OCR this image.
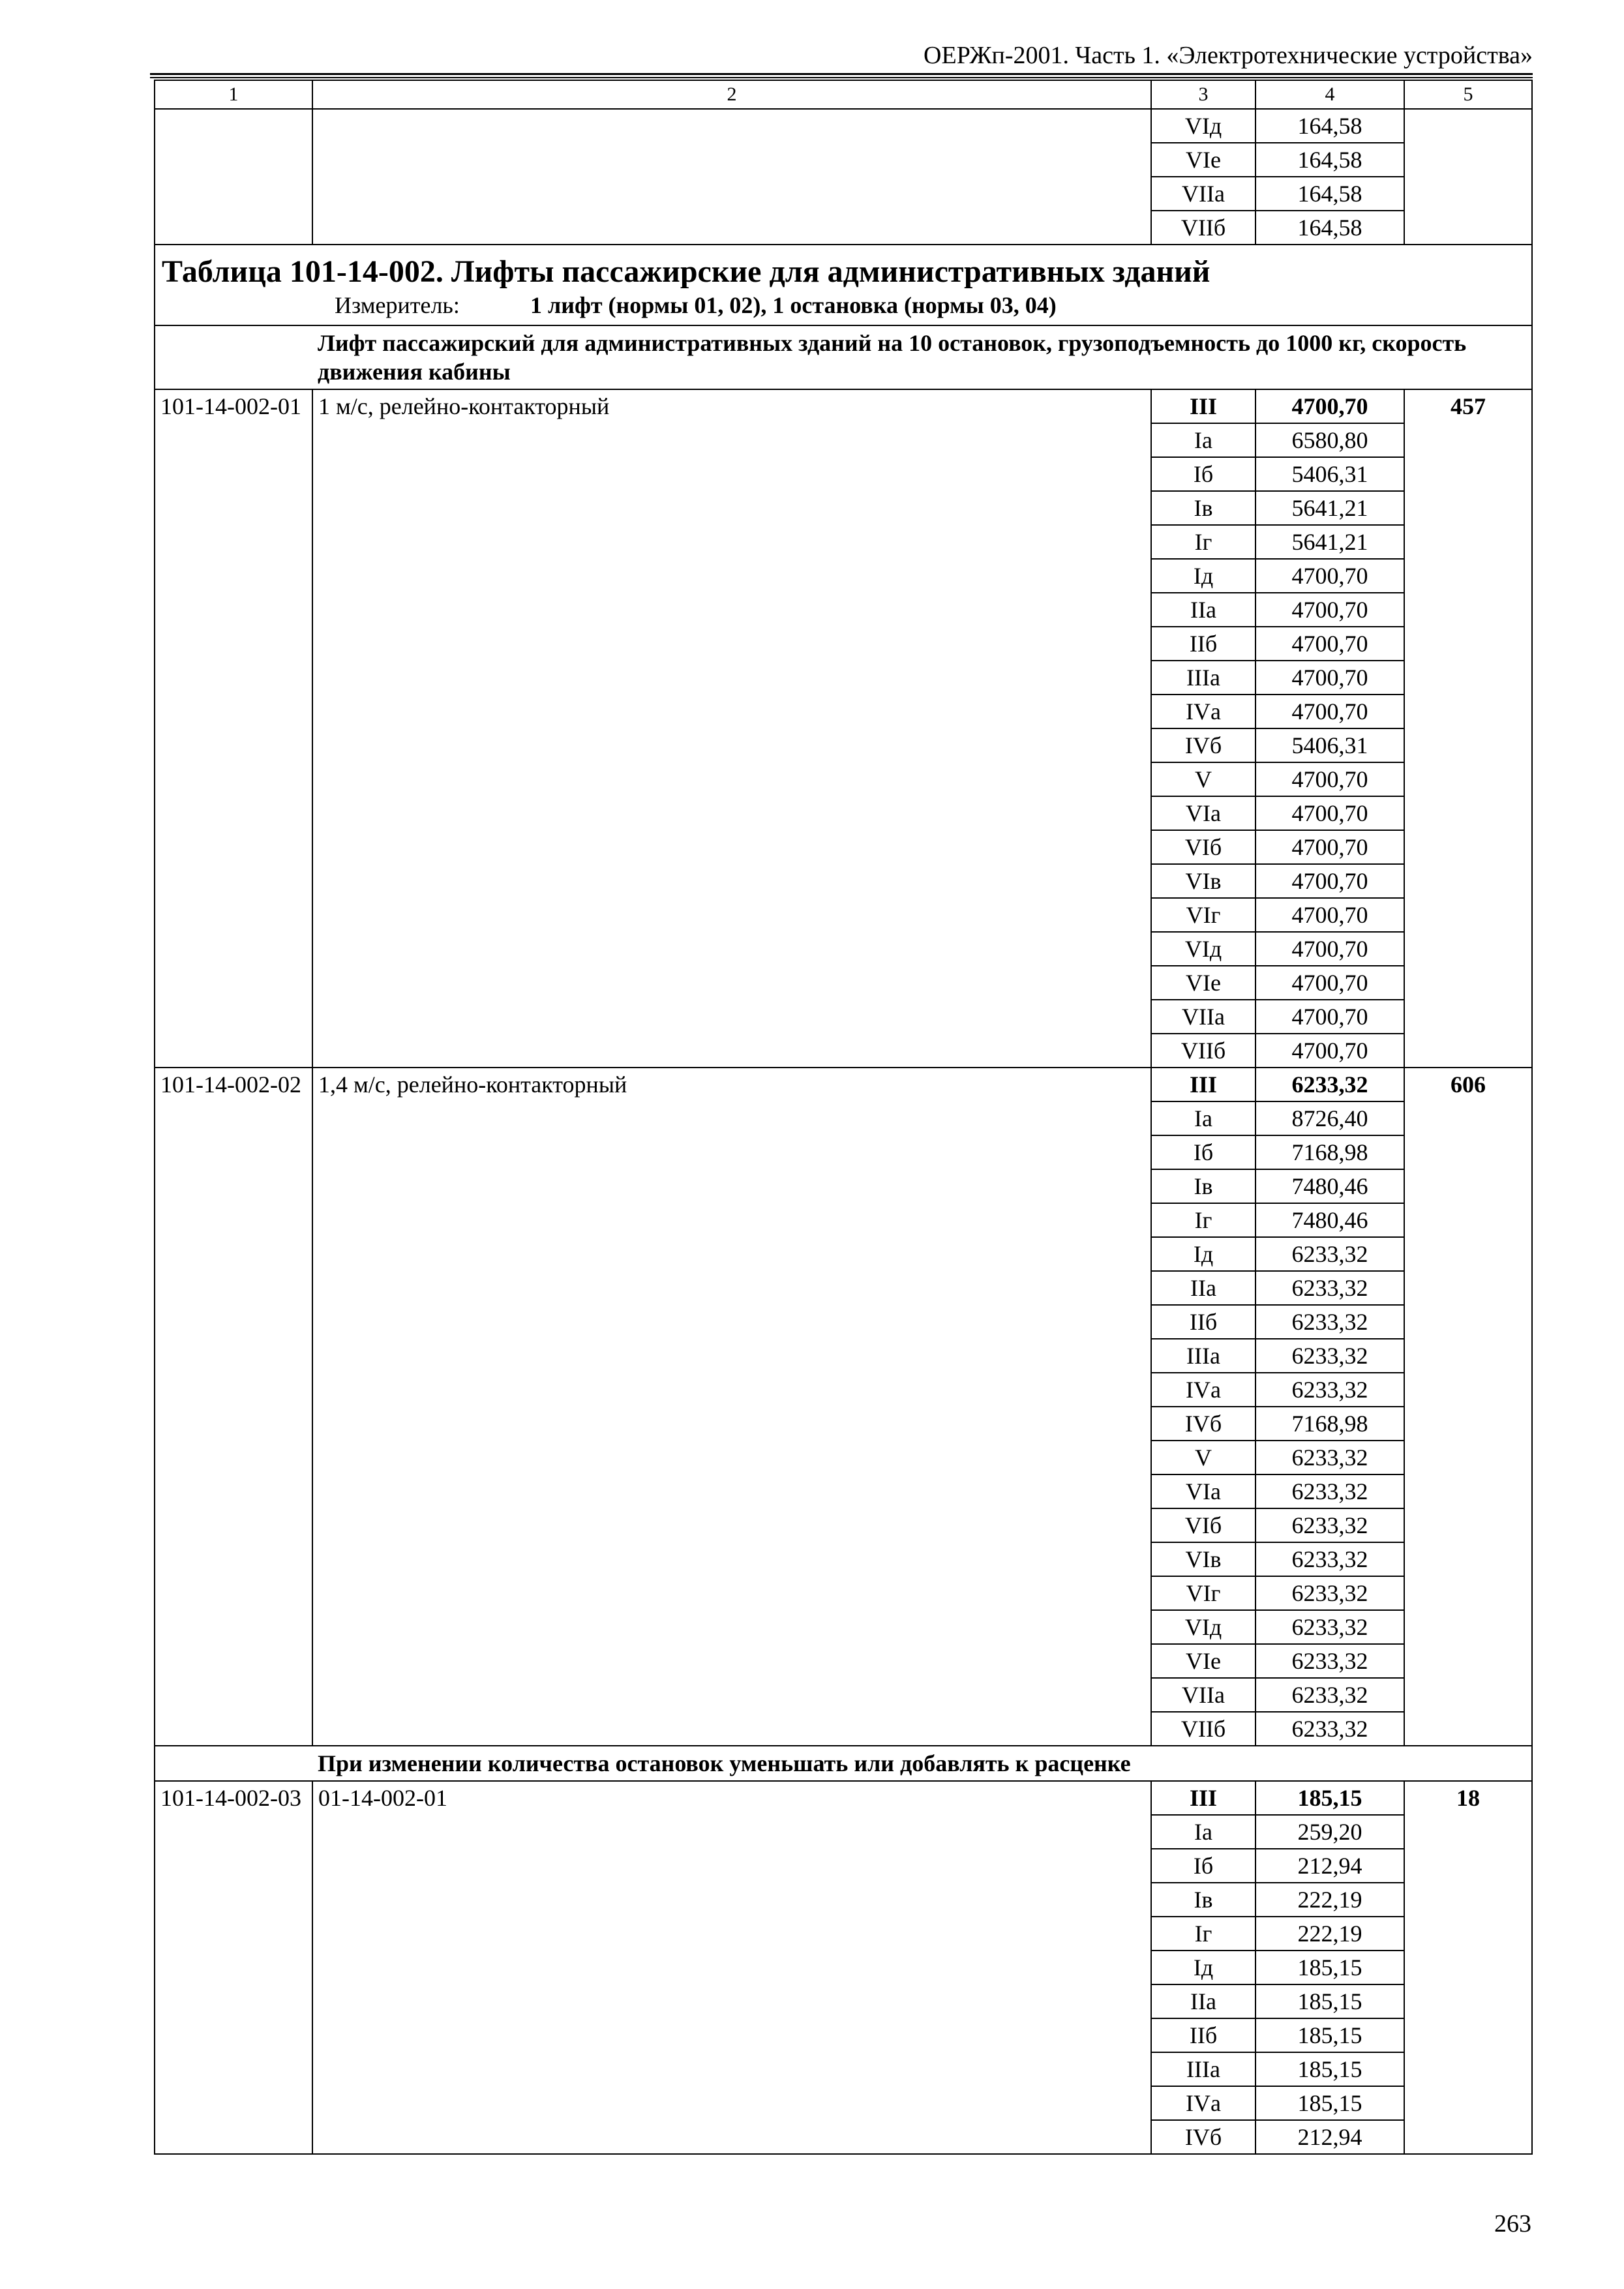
ОЕРЖп-2001. Часть 1. «Электротехнические устройства»
1	2	3	4	5
		VIд	164,58	
		VIе	164,58	
		VIIа	164,58	
		VIIб	164,58	

Таблица 101-14-002. Лифты пассажирские для административных зданий
Измеритель: 1 лифт (нормы 01, 02), 1 остановка (нормы 03, 04)				

	Лифт пассажирский для административных зданий на 10 остановок, грузоподъемность до 1000 кг, скорость движения кабины			
101-14-002-01	1 м/с, релейно-контакторный	III	4700,70	457
		Iа	6580,80	
		Iб	5406,31	
		Iв	5641,21	
		Iг	5641,21	
		Iд	4700,70	
		IIа	4700,70	
		IIб	4700,70	
		IIIа	4700,70	
		IVа	4700,70	
		IVб	5406,31	
		V	4700,70	
		VIа	4700,70	
		VIб	4700,70	
		VIв	4700,70	
		VIг	4700,70	
		VIд	4700,70	
		VIе	4700,70	
		VIIа	4700,70	
		VIIб	4700,70	
101-14-002-02	1,4 м/с, релейно-контакторный	III	6233,32	606
		Iа	8726,40	
		Iб	7168,98	
		Iв	7480,46	
		Iг	7480,46	
		Iд	6233,32	
		IIа	6233,32	
		IIб	6233,32	
		IIIа	6233,32	
		IVа	6233,32	
		IVб	7168,98	
		V	6233,32	
		VIа	6233,32	
		VIб	6233,32	
		VIв	6233,32	
		VIг	6233,32	
		VIд	6233,32	
		VIе	6233,32	
		VIIа	6233,32	
		VIIб	6233,32	
	При изменении количества остановок уменьшать или добавлять к расценке			
101-14-002-03	01-14-002-01	III	185,15	18
		Iа	259,20	
		Iб	212,94	
		Iв	222,19	
		Iг	222,19	
		Iд	185,15	
		IIа	185,15	
		IIб	185,15	
		IIIа	185,15	
		IVа	185,15	
		IVб	212,94	
263
